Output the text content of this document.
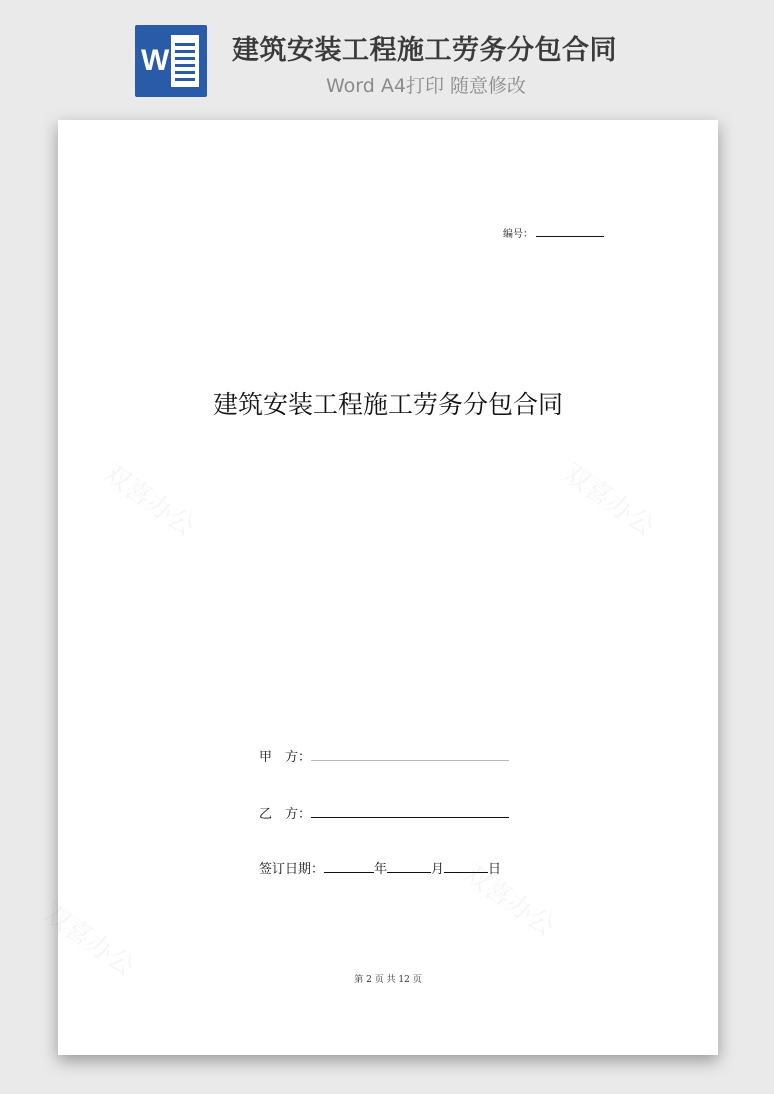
W 建筑安装工程施工劳务分包合同
Word A4打印 随意修改
编号：
建筑安装工程施工劳务分包合同
甲　方：
乙　方：
签订日期：	年	月	日
第 2 页 共 12 页
